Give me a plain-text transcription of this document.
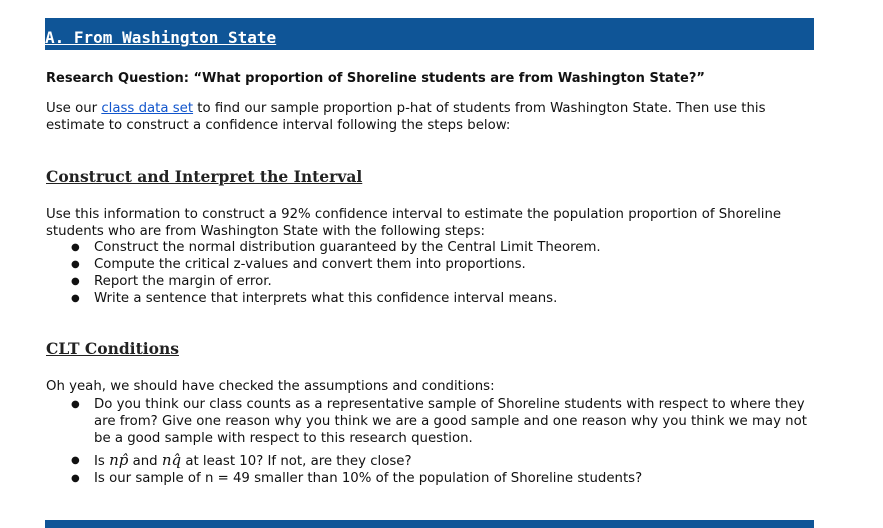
A. From Washington State
Research Question: “What proportion of Shoreline students are from Washington State?”
Use our class data set to find our sample proportion p-hat of students from Washington State. Then use this estimate to construct a confidence interval following the steps below:
Construct and Interpret the Interval
Use this information to construct a 92% confidence interval to estimate the population proportion of Shoreline students who are from Washington State with the following steps:
● Construct the normal distribution guaranteed by the Central Limit Theorem.
● Compute the critical z-values and convert them into proportions.
● Report the margin of error.
● Write a sentence that interprets what this confidence interval means.
CLT Conditions
Oh yeah, we should have checked the assumptions and conditions:
● Do you think our class counts as a representative sample of Shoreline students with respect to where they are from? Give one reason why you think we are a good sample and one reason why you think we may not be a good sample with respect to this research question.
● Is np̂ and nq̂ at least 10? If not, are they close?
● Is our sample of n = 49 smaller than 10% of the population of Shoreline students?
